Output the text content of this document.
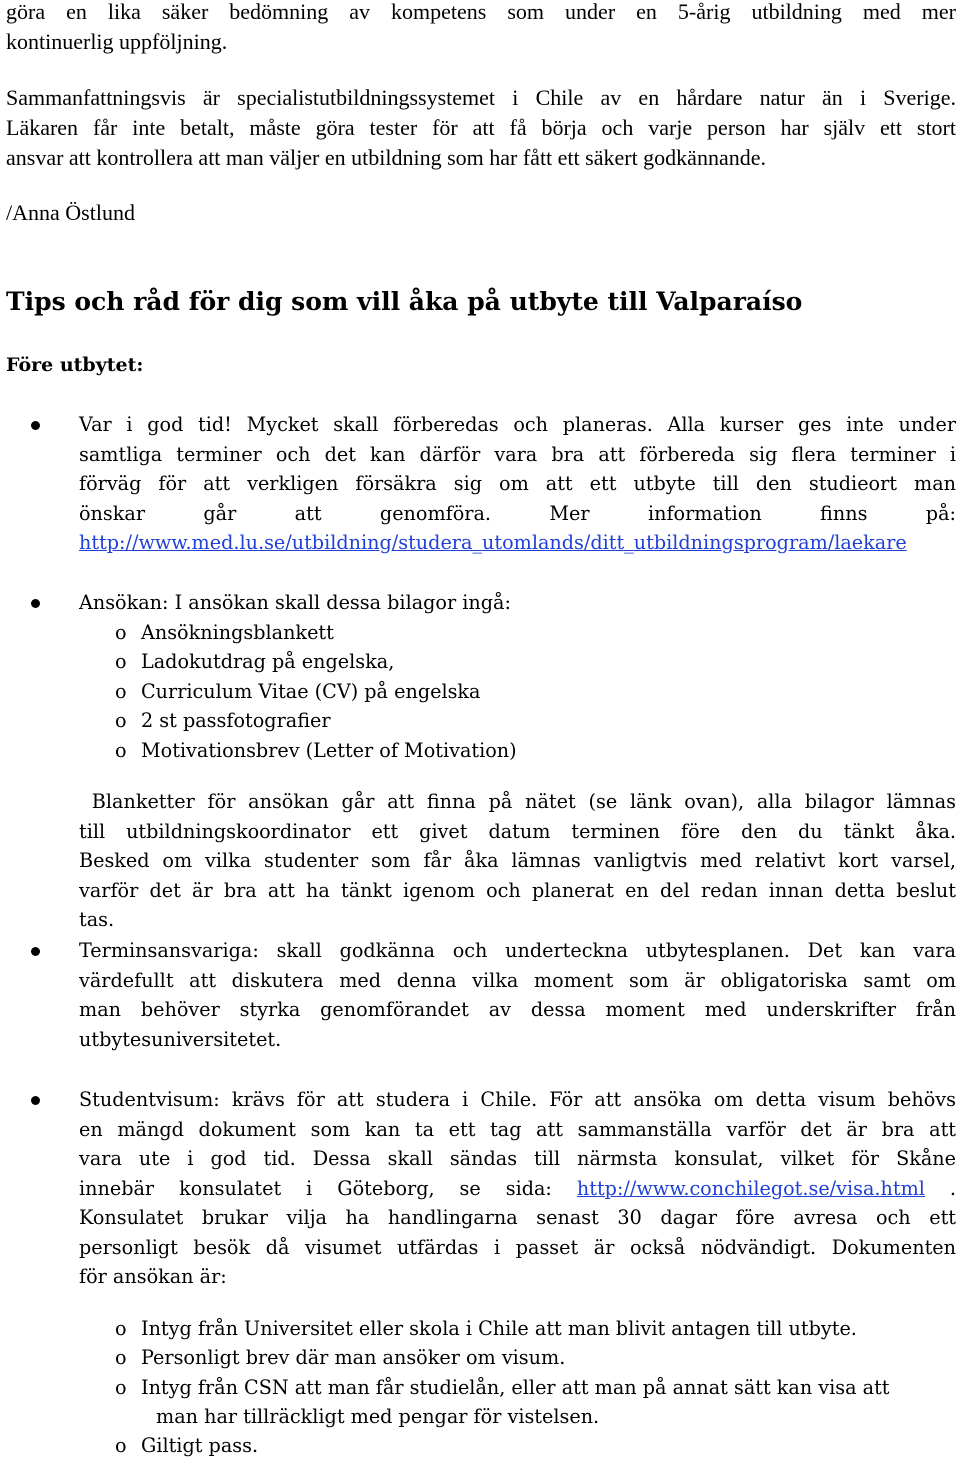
göra en lika säker bedömning av kompetens som under en 5-årig utbildning med mer
kontinuerlig uppföljning.
Sammanfattningsvis är specialistutbildningssystemet i Chile av en hårdare natur än i Sverige.
Läkaren får inte betalt, måste göra tester för att få börja och varje person har själv ett stort
ansvar att kontrollera att man väljer en utbildning som har fått ett säkert godkännande.
/Anna Östlund
Tips och råd för dig som vill åka på utbyte till Valparaíso
Före utbytet:
Var i god tid! Mycket skall förberedas och planeras. Alla kurser ges inte under
samtliga terminer och det kan därför vara bra att förbereda sig flera terminer i
förväg för att verkligen försäkra sig om att ett utbyte till den studieort man
önskar går att genomföra. Mer information finns på:
http://www.med.lu.se/utbildning/studera_utomlands/ditt_utbildningsprogram/laekare
Ansökan: I ansökan skall dessa bilagor ingå:
o Ansökningsblankett
o Ladokutdrag på engelska,
o Curriculum Vitae (CV) på engelska
o 2 st passfotografier
o Motivationsbrev (Letter of Motivation)
Blanketter för ansökan går att finna på nätet (se länk ovan), alla bilagor lämnas
till utbildningskoordinator ett givet datum terminen före den du tänkt åka.
Besked om vilka studenter som får åka lämnas vanligtvis med relativt kort varsel,
varför det är bra att ha tänkt igenom och planerat en del redan innan detta beslut
tas.
Terminsansvariga: skall godkänna och underteckna utbytesplanen. Det kan vara
värdefullt att diskutera med denna vilka moment som är obligatoriska samt om
man behöver styrka genomförandet av dessa moment med underskrifter från
utbytesuniversitetet.
Studentvisum: krävs för att studera i Chile. För att ansöka om detta visum behövs
en mängd dokument som kan ta ett tag att sammanställa varför det är bra att
vara ute i god tid. Dessa skall sändas till närmsta konsulat, vilket för Skåne
innebär konsulatet i Göteborg, se sida: http://www.conchilegot.se/visa.html .
Konsulatet brukar vilja ha handlingarna senast 30 dagar före avresa och ett
personligt besök då visumet utfärdas i passet är också nödvändigt. Dokumenten
för ansökan är:
o Intyg från Universitet eller skola i Chile att man blivit antagen till utbyte.
o Personligt brev där man ansöker om visum.
o Intyg från CSN att man får studielån, eller att man på annat sätt kan visa att
man har tillräckligt med pengar för vistelsen.
o Giltigt pass.
